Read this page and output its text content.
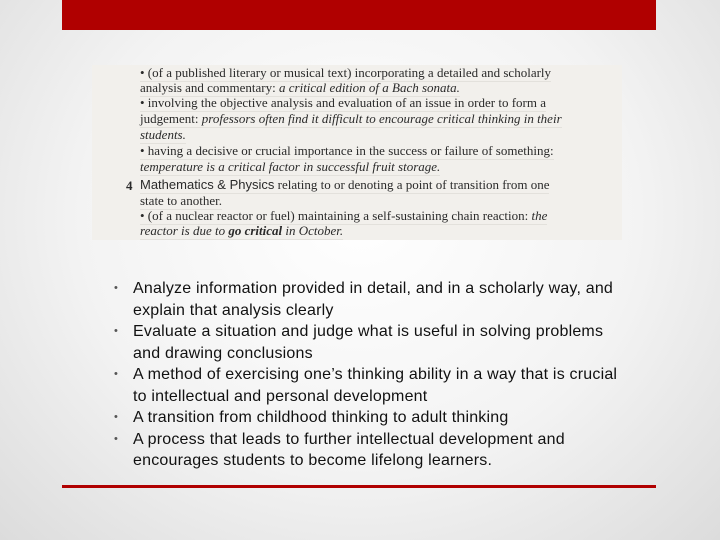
• (of a published literary or musical text) incorporating a detailed and scholarly
analysis and commentary: a critical edition of a Bach sonata.
• involving the objective analysis and evaluation of an issue in order to form a
judgement: professors often find it difficult to encourage critical thinking in their
students.
• having a decisive or crucial importance in the success or failure of something:
temperature is a critical factor in successful fruit storage.
4 Mathematics & Physics relating to or denoting a point of transition from one
state to another.
• (of a nuclear reactor or fuel) maintaining a self-sustaining chain reaction: the
reactor is due to go critical in October.
• Analyze information provided in detail, and in a scholarly way, and explain that analysis clearly
• Evaluate a situation and judge what is useful in solving problems and drawing conclusions
• A method of exercising one’s thinking ability in a way that is crucial to intellectual and personal development
• A transition from childhood thinking to adult thinking
• A process that leads to further intellectual development and encourages students to become lifelong learners.
